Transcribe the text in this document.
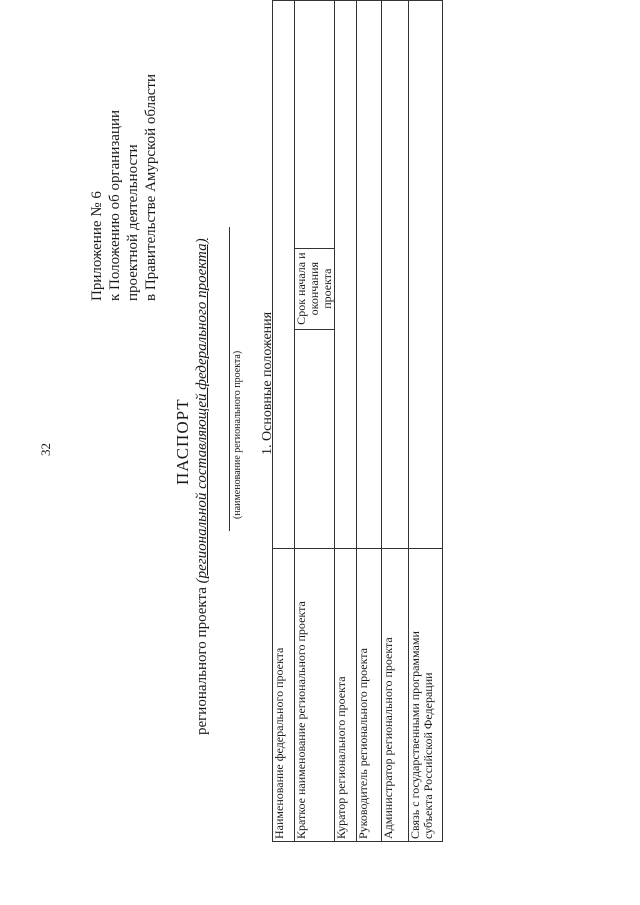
32
Приложение № 6 к Положению об организации проектной деятельности в Правительстве Амурской области
ПАСПОРТ
регионального проекта (региональной составляющей федерального проекта) (наименование регионального проекта) 1. Основные положения
Наименование федерального проекта			
Краткое наименование регионального проекта		Срок начала и окончания проекта	

Куратор регионального проекта			
Руководитель регионального проекта			
Администратор регионального проекта			

Связь с государственными программами субъекта Российской Федерации			
